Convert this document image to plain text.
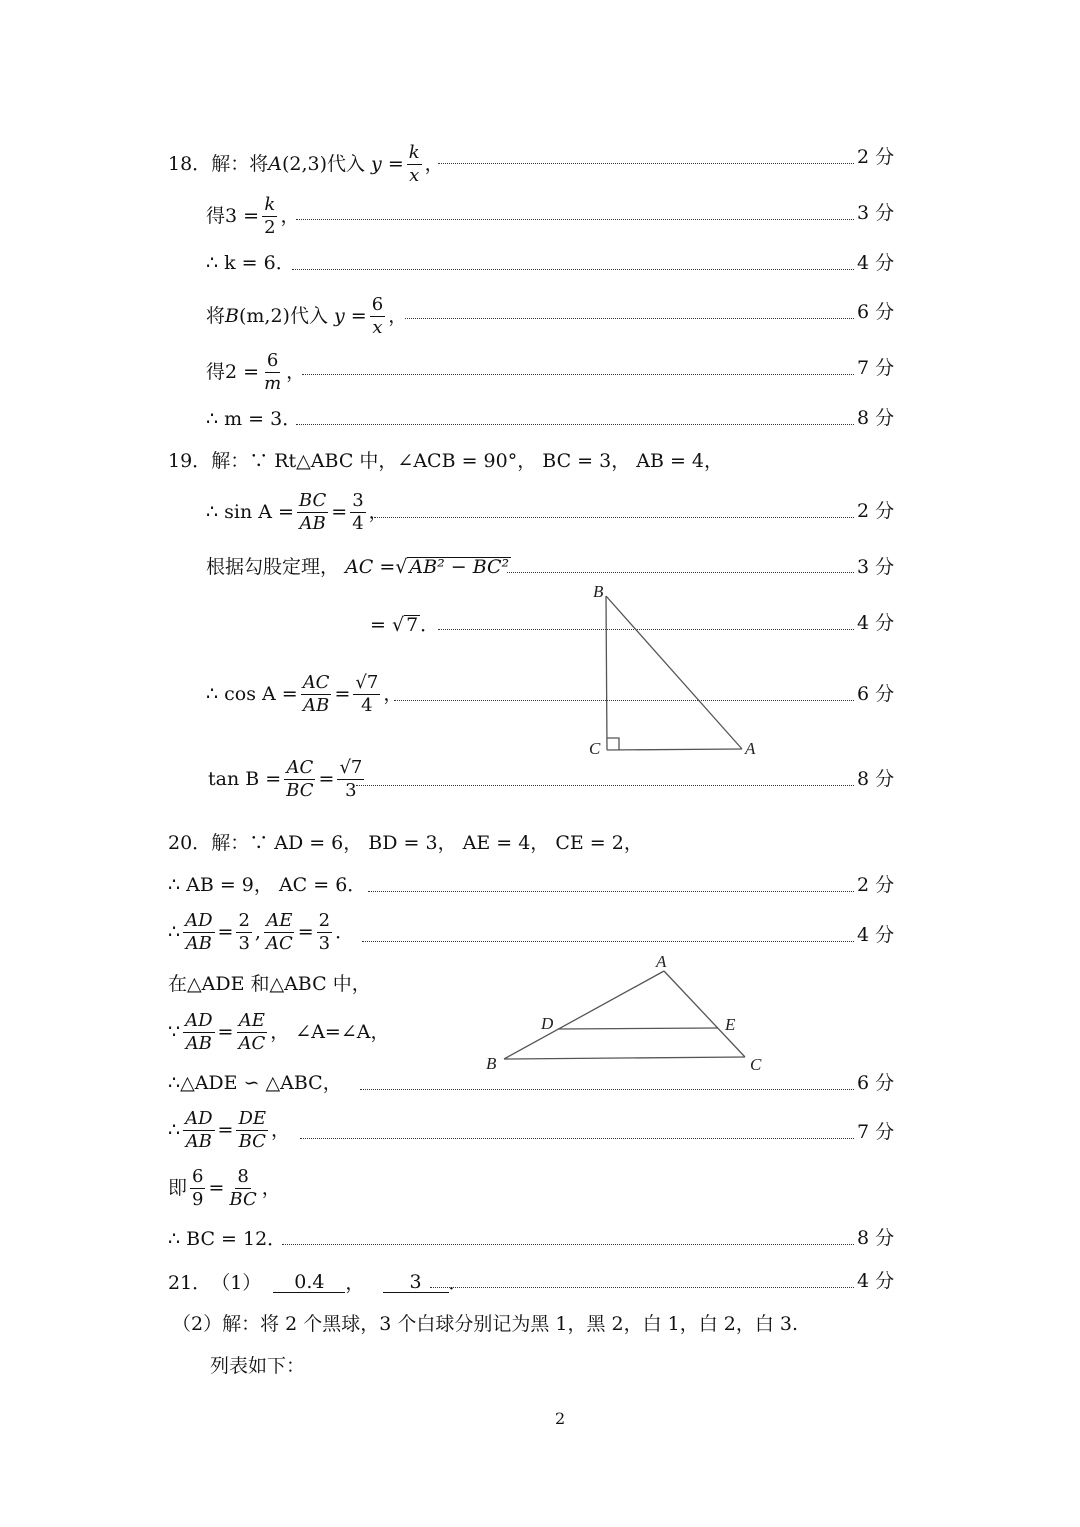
18． 解：将 A (2,3) 代入
$y = \frac{k}{x}$ ，	2 分
得$3 = \frac{k}{2}$ ，	3 分
∴ k = 6．	4 分
将 B (m,2) 代入
$y = \frac{6}{x}$ ，	6 分
得$2 = \frac{6}{m}$ ，	7 分
∴ m = 3．	8 分
19． 解：∵ Rt△ABC 中，∠ACB = 90°， BC = 3， AB = 4，
∴ $\sin A = \frac{BC}{AB} = \frac{3}{4}$ ，	2 分
根据勾股定理，
AC = √ AB² − BC²	3 分
=
√ 7 ．	4 分
∴ $\cos A = \frac{AC}{AB} = \frac{√7}{4}$ ，	6 分
$\tan B = \frac{AC}{BC} = \frac{√7}{3}$	8 分
20． 解：∵ AD = 6， BD = 3， AE = 4， CE = 2，
∴ AB = 9， AC = 6．	2 分
∴ $\frac{AD}{AB} = \frac{2}{3}$ , $\frac{AE}{AC} = \frac{2}{3}$ ．	4 分
在△ADE 和△ABC 中，
∵ $\frac{AD}{AB} = \frac{AE}{AC}$ ， ∠A=∠A，
∴△ADE ∽ △ABC，	6 分
∴ $\frac{AD}{AB} = \frac{DE}{BC}$ ，	7 分
即 $\frac{6}{9} = \frac{8}{BC}$ ，
∴ BC = 12．	8 分
21． （1）
	0.4	，
	3	．	4 分
（2）解：将 2 个黑球，3 个白球分别记为黑 1，黑 2，白 1，白 2，白 3.
列表如下：
2
B
C	A
A
D	E
B	C
